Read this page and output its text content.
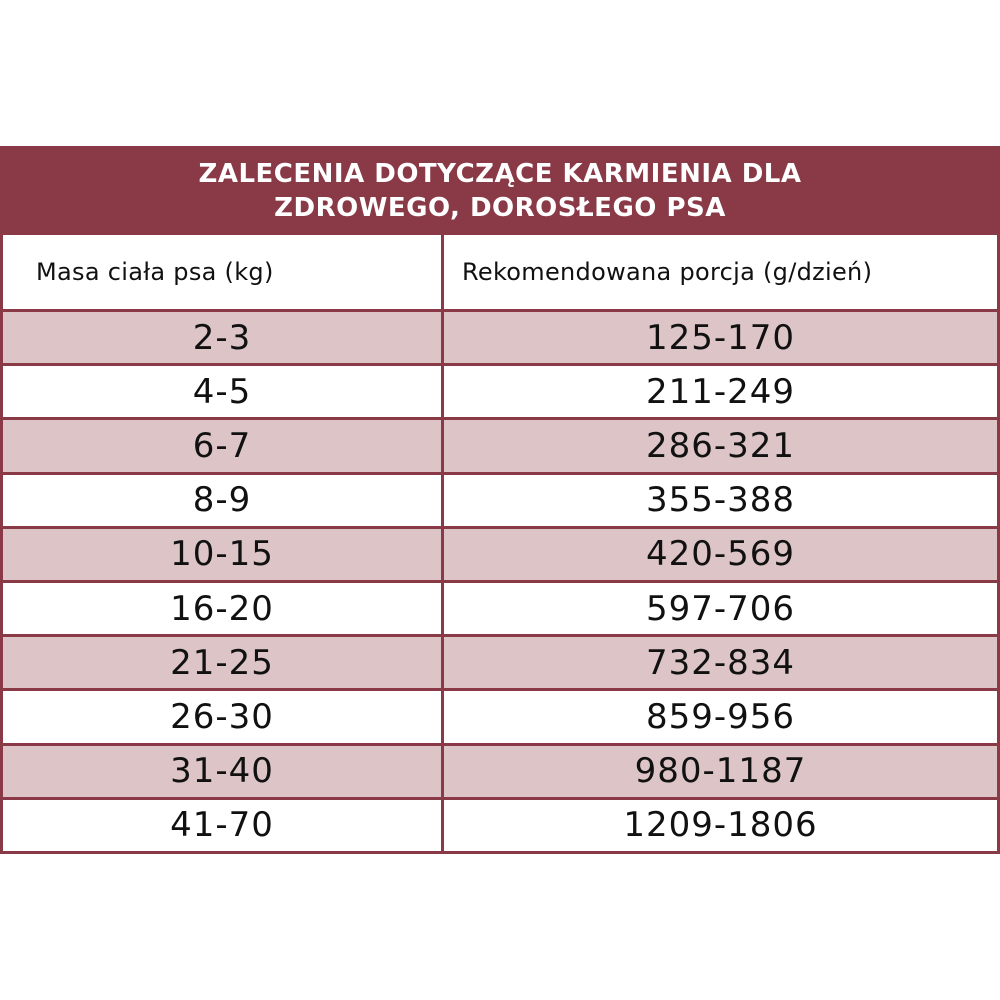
ZALECENIA DOTYCZĄCE KARMIENIA DLA
ZDROWEGO, DOROSŁEGO PSA
Masa ciała psa (kg)	Rekomendowana porcja (g/dzień)
2-3	125-170
4-5	211-249
6-7	286-321
8-9	355-388
10-15	420-569
16-20	597-706
21-25	732-834
26-30	859-956
31-40	980-1187
41-70	1209-1806
